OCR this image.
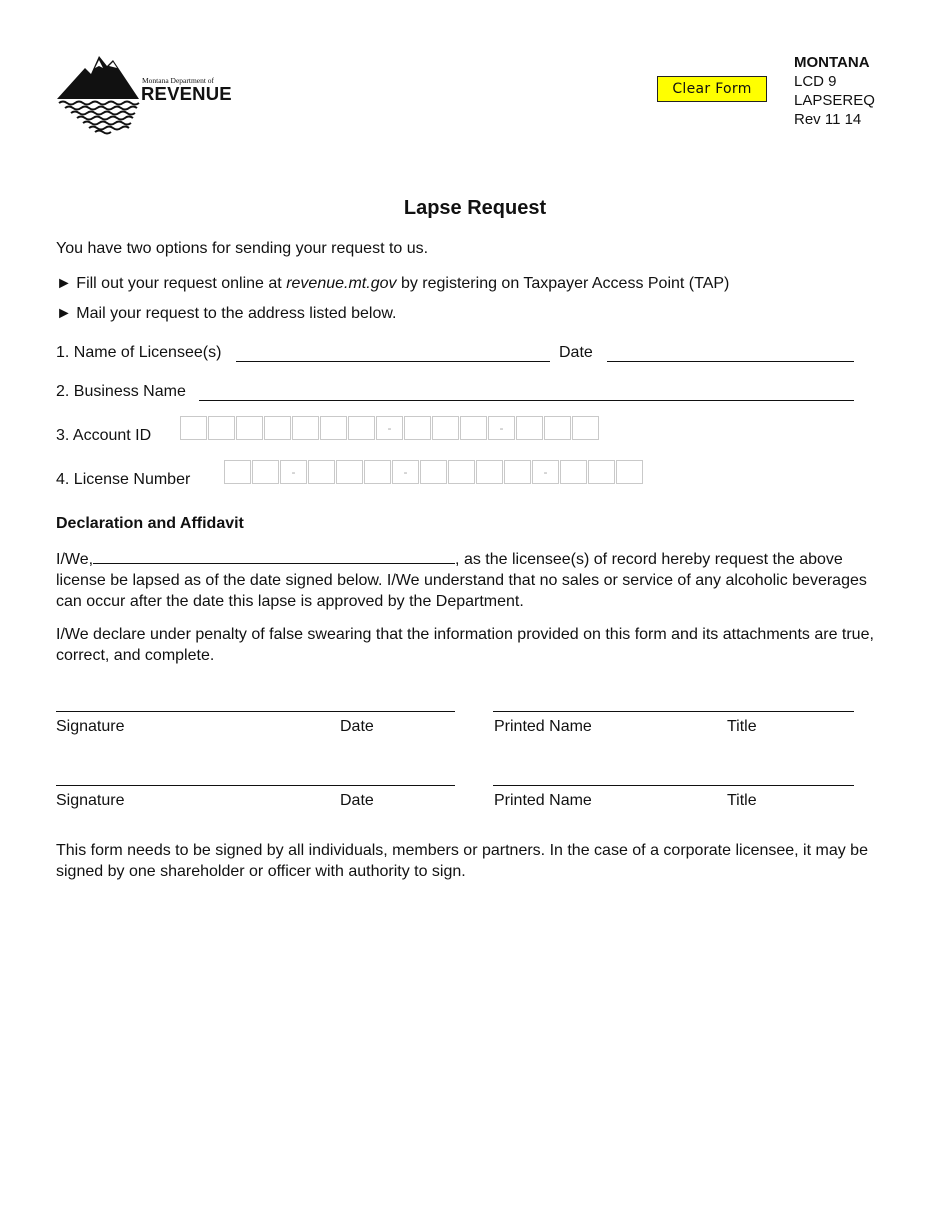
Montana Department of
REVENUE	Clear Form
MONTANA
LCD 9
LAPSEREQ
Rev 11 14
Lapse Request
You have two options for sending your request to us.
► Fill out your request online at revenue.mt.gov by registering on Taxpayer Access Point (TAP)
► Mail your request to the address listed below.
1. Name of Licensee(s)	Date
2. Business Name
3. Account ID	-	-
4. License Number	-	-	-
Declaration and Affidavit
I/We,	, as the licensee(s) of record hereby request the above license be lapsed as of the date signed below. I/We understand that no sales or service of any alcoholic beverages can occur after the date this lapse is approved by the Department.
I/We declare under penalty of false swearing that the information provided on this form and its attachments are true, correct, and complete.
Signature	Date	Printed Name	Title
Signature	Date	Printed Name	Title
This form needs to be signed by all individuals, members or partners. In the case of a corporate licensee, it may be signed by one shareholder or officer with authority to sign.
